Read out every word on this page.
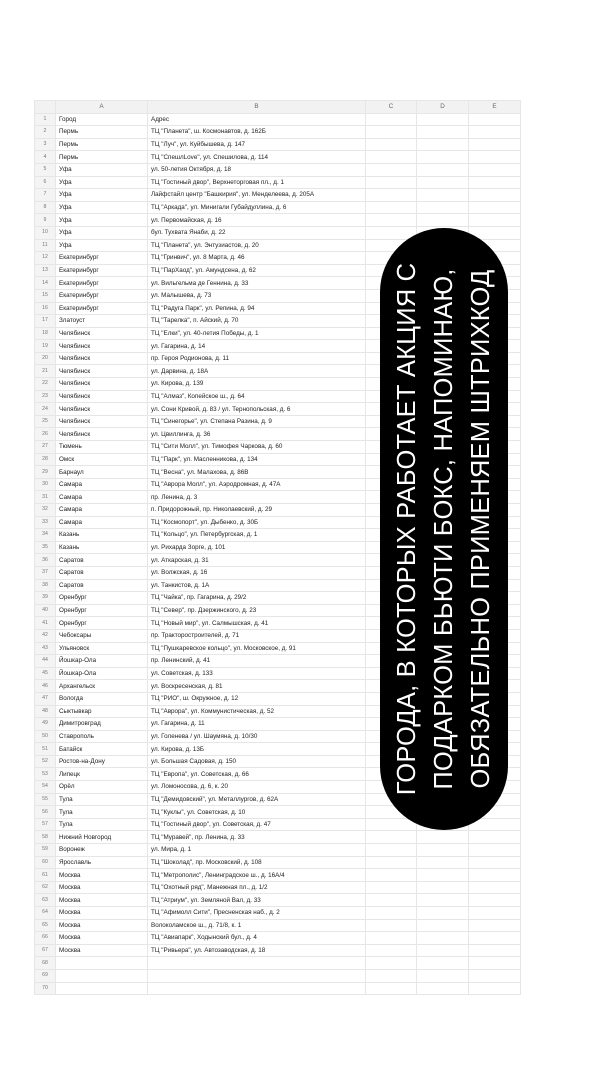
	A	B	C	D	E
1	Город	Адрес			
2	Пермь	ТЦ "Планета", ш. Космонавтов, д. 162Б			
3	Пермь	ТЦ "Луч", ул. Куйбышева, д. 147			
4	Пермь	ТЦ "СпешлLove", ул. Спешилова, д. 114			
5	Уфа	ул. 50-летия Октября, д. 18			
6	Уфа	ТЦ "Гостиный двор", Верхнеторговая пл., д. 1			
7	Уфа	Лайфстайл центр "Башкирия", ул. Менделеева, д. 205А			
8	Уфа	ТЦ "Аркада", ул. Минигали Губайдуллина, д. 6			
9	Уфа	ул. Первомайская, д. 16			
10	Уфа	бул. Тухвата Янаби, д. 22			
11	Уфа	ТЦ "Планета", ул. Энтузиастов, д. 20			
12	Екатеринбург	ТЦ "Гринвич", ул. 8 Марта, д. 46			
13	Екатеринбург	ТЦ "ПарХаод", ул. Амундсена, д. 62			
14	Екатеринбург	ул. Вильгельма де Геннина, д. 33			
15	Екатеринбург	ул. Малышева, д. 73			
16	Екатеринбург	ТЦ "Радуга Парк", ул. Репина, д. 94			
17	Златоуст	ТЦ "Тарелка", п. Айский, д. 70			
18	Челябинск	ТЦ "Елки", ул. 40-летия Победы, д. 1			
19	Челябинск	ул. Гагарина, д. 14			
20	Челябинск	пр. Героя Родионова, д. 11			
21	Челябинск	ул. Дарвина, д. 18А			
22	Челябинск	ул. Кирова, д. 139			
23	Челябинск	ТЦ "Алмаз", Копейское ш., д. 64			
24	Челябинск	ул. Сони Кривой, д. 83 / ул. Тернопольская, д. 6			
25	Челябинск	ТЦ "Синегорье", ул. Степана Разина, д. 9			
26	Челябинск	ул. Цвиллинга, д. 36			
27	Тюмень	ТЦ "Сити Молл", ул. Тимофея Чаркова, д. 60			
28	Омск	ТЦ "Парк", ул. Масленникова, д. 134			
29	Барнаул	ТЦ "Весна", ул. Малахова, д. 86В			
30	Самара	ТЦ "Аврора Молл", ул. Аэродромная, д. 47А			
31	Самара	пр. Ленина, д. 3			
32	Самара	п. Придорожный, пр. Николаевский, д. 29			
33	Самара	ТЦ "Космопорт", ул. Дыбенко, д. 30Б			
34	Казань	ТЦ "Кольцо", ул. Петербургская, д. 1			
35	Казань	ул. Рихарда Зорге, д. 101			
36	Саратов	ул. Аткарская, д. 31			
37	Саратов	ул. Волжская, д. 16			
38	Саратов	ул. Танкистов, д. 1А			
39	Оренбург	ТЦ "Чайка", пр. Гагарина, д. 29/2			
40	Оренбург	ТЦ "Север", пр. Дзержинского, д. 23			
41	Оренбург	ТЦ "Новый мир", ул. Салмышская, д. 41			
42	Чебоксары	пр. Тракторостроителей, д. 71			
43	Ульяновск	ТЦ "Пушкаревское кольцо", ул. Московское, д. 91			
44	Йошкар-Ола	пр. Ленинский, д. 41			
45	Йошкар-Ола	ул. Советская, д. 133			
46	Архангельск	ул. Воскресенская, д. 81			
47	Вологда	ТЦ "РИО", ш. Окружное, д. 12			
48	Сыктывкар	ТЦ "Аврора", ул. Коммунистическая, д. 52			
49	Димитровград	ул. Гагарина, д. 11			
50	Ставрополь	ул. Голенева / ул. Шаумяна, д. 10/30			
51	Батайск	ул. Кирова, д. 13Б			
52	Ростов-на-Дону	ул. Большая Садовая, д. 150			
53	Липецк	ТЦ "Европа", ул. Советская, д. 66			
54	Орёл	ул. Ломоносова, д. 6, к. 20			
55	Тула	ТЦ "Демидовский", ул. Металлургов, д. 62А			
56	Тула	ТЦ "Куклы", ул. Советская, д. 10			
57	Тула	ТЦ "Гостиный двор", ул. Советская, д. 47			
58	Нижний Новгород	ТЦ "Муравей", пр. Ленина, д. 33			
59	Воронеж	ул. Мира, д. 1			
60	Ярославль	ТЦ "Шоколад", пр. Московский, д. 108			
61	Москва	ТЦ "Метрополис", Ленинградское ш., д. 16А/4			
62	Москва	ТЦ "Охотный ряд", Манежная пл., д. 1/2			
63	Москва	ТЦ "Атриум", ул. Земляной Вал, д. 33			
64	Москва	ТЦ "Афимолл Сити", Пресненская наб., д. 2			
65	Москва	Волоколамское ш., д. 71/8, к. 1			
66	Москва	ТЦ "Авиапарк", Ходынский бул., д. 4			
67	Москва	ТЦ "Ривьера", ул. Автозаводская, д. 18			
68					
69					
70					
ГОРОДА, В КОТОРЫХ РАБОТАЕТ АКЦИЯ С ПОДАРКОМ БЬЮТИ БОКС, НАПОМИНАЮ, ОБЯЗАТЕЛЬНО ПРИМЕНЯЕМ ШТРИХКОД
